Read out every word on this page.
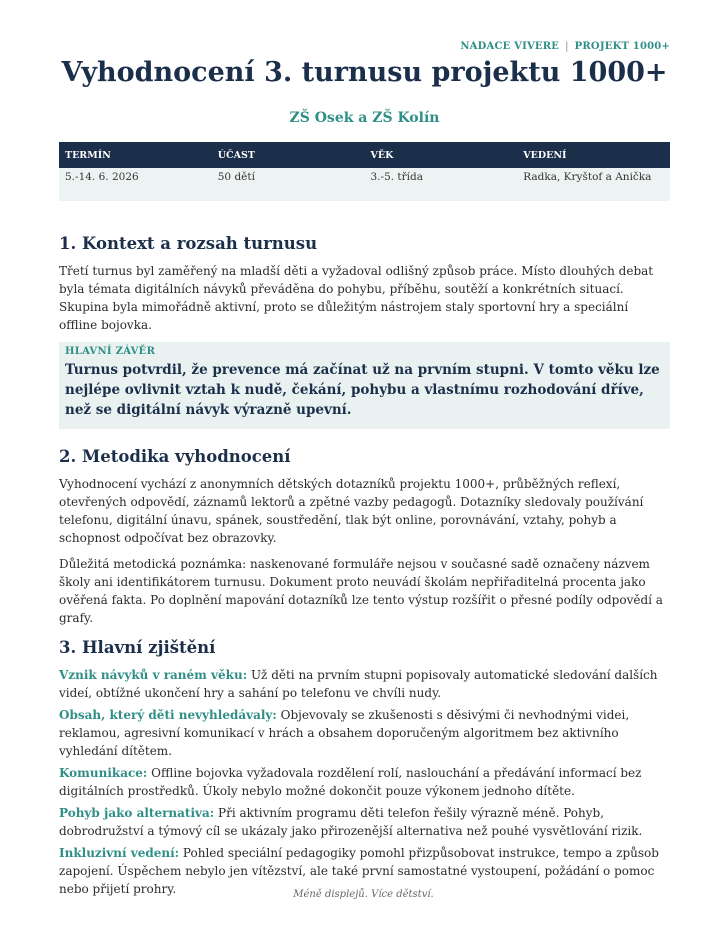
NADACE VIVERE | PROJEKT 1000+
Vyhodnocení 3. turnusu projektu 1000+
ZŠ Osek a ZŠ Kolín
TERMÍN	ÚČAST	VĚK	VEDENÍ
5.-14. 6. 2026	50 dětí	3.-5. třída	Radka, Kryštof a Anička
1. Kontext a rozsah turnusu

Třetí turnus byl zaměřený na mladší děti a vyžadoval odlišný způsob práce. Místo dlouhých debat byla témata digitálních návyků převáděna do pohybu, příběhu, soutěží a konkrétních situací. Skupina byla mimořádně aktivní, proto se důležitým nástrojem staly sportovní hry a speciální offline bojovka.

HLAVNÍ ZÁVĚR
Turnus potvrdil, že prevence má začínat už na prvním stupni. V tomto věku lze nejlépe ovlivnit vztah k nudě, čekání, pohybu a vlastnímu rozhodování dříve, než se digitální návyk výrazně upevní.
2. Metodika vyhodnocení

Vyhodnocení vychází z anonymních dětských dotazníků projektu 1000+, průběžných reflexí, otevřených odpovědí, záznamů lektorů a zpětné vazby pedagogů. Dotazníky sledovaly používání telefonu, digitální únavu, spánek, soustředění, tlak být online, porovnávání, vztahy, pohyb a schopnost odpočívat bez obrazovky.

Důležitá metodická poznámka: naskenované formuláře nejsou v současné sadě označeny názvem školy ani identifikátorem turnusu. Dokument proto neuvádí školám nepřiřaditelná procenta jako ověřená fakta. Po doplnění mapování dotazníků lze tento výstup rozšířit o přesné podíly odpovědí a grafy.

3. Hlavní zjištění

Vznik návyků v raném věku: Už děti na prvním stupni popisovaly automatické sledování dalších videí, obtížné ukončení hry a sahání po telefonu ve chvíli nudy.

Obsah, který děti nevyhledávaly: Objevovaly se zkušenosti s děsivými či nevhodnými videi, reklamou, agresivní komunikací v hrách a obsahem doporučeným algoritmem bez aktivního vyhledání dítětem.

Komunikace: Offline bojovka vyžadovala rozdělení rolí, naslouchání a předávání informací bez digitálních prostředků. Úkoly nebylo možné dokončit pouze výkonem jednoho dítěte.

Pohyb jako alternativa: Při aktivním programu děti telefon řešily výrazně méně. Pohyb, dobrodružství a týmový cíl se ukázaly jako přirozenější alternativa než pouhé vysvětlování rizik.

Inkluzivní vedení: Pohled speciální pedagogiky pomohl přizpůsobovat instrukce, tempo a způsob zapojení. Úspěchem nebylo jen vítězství, ale také první samostatné vystoupení, požádání o pomoc nebo přijetí prohry.	Méně displejů. Více dětství.
